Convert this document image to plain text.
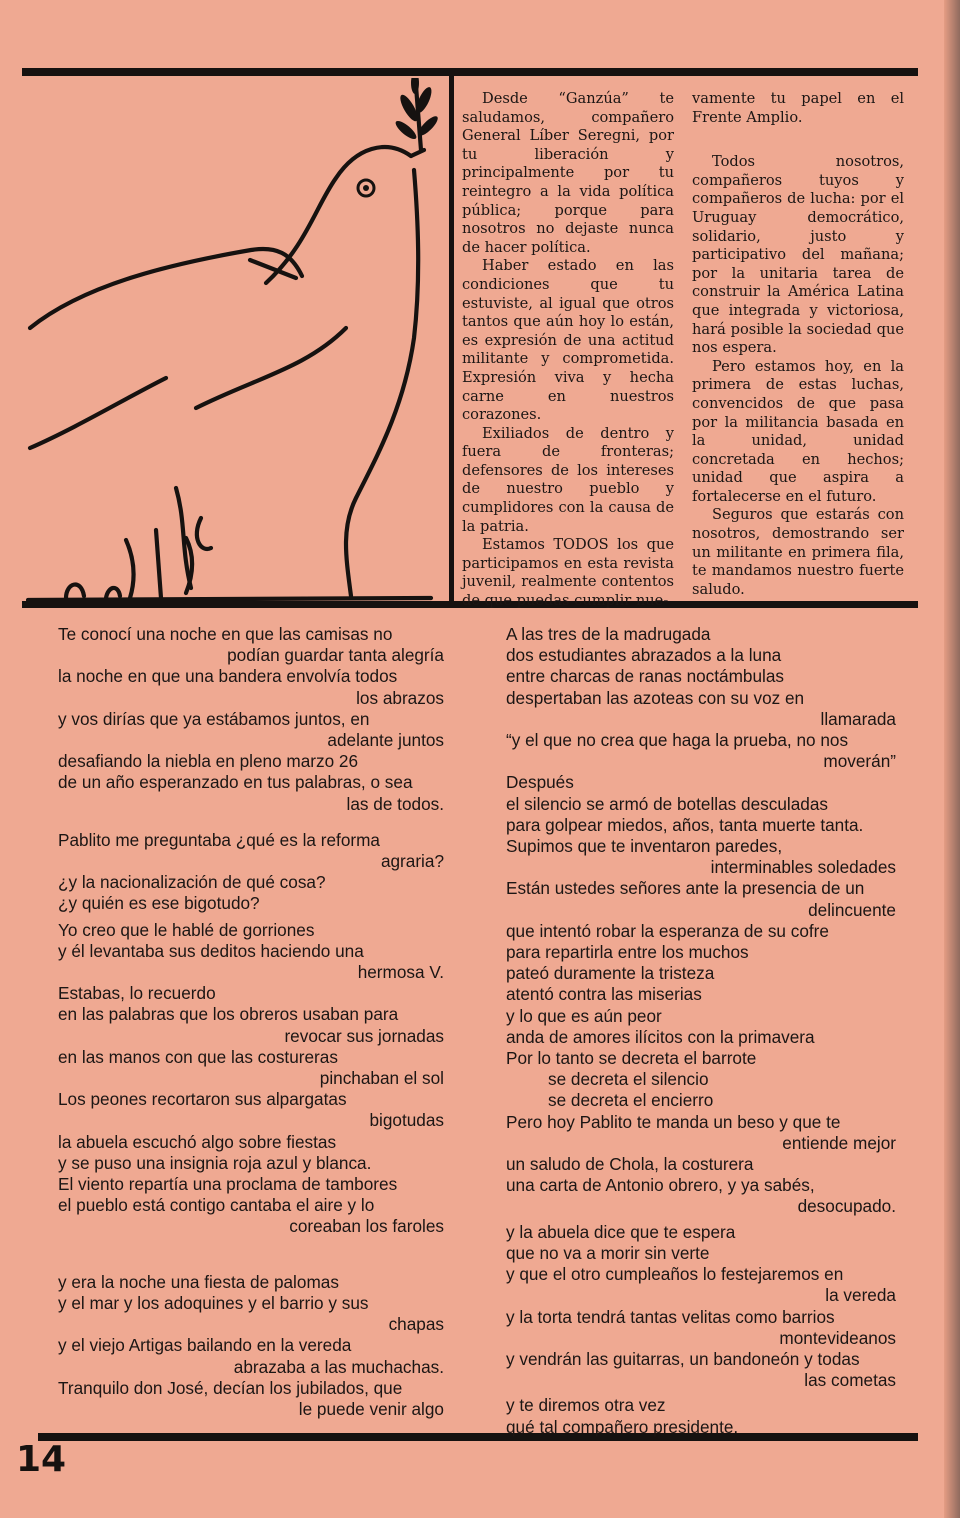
Desde “Ganzúa” te saludamos, compañero General Líber Seregni, por tu liberación y principalmente por tu reintegro a la vida política pública; porque para nosotros no dejaste nunca de hacer política.

Haber estado en las condiciones que tu estuviste, al igual que otros tantos que aún hoy lo están, es expresión de una actitud militante y comprometida. Expresión viva y hecha carne en nuestros corazones.

Exiliados de dentro y fuera de fronteras; defensores de los intereses de nuestro pueblo y cumplidores con la causa de la patria.

Estamos TODOS los que participamos en esta revista juvenil, realmente contentos de que puedas cumplir nue-

vamente tu papel en el Frente Amplio.

Todos nosotros, compañeros tuyos y compañeros de lucha: por el Uruguay democrático, solidario, justo y participativo del mañana; por la unitaria tarea de construir la América Latina que integrada y victoriosa, hará posible la sociedad que nos espera.

Pero estamos hoy, en la primera de estas luchas, convencidos de que pasa por la militancia basada en la unidad, unidad concretada en hechos; unidad que aspira a fortalecerse en el futuro.

Seguros que estarás con nosotros, demostrando ser un militante en primera fila, te mandamos nuestro fuerte saludo.

Te conocí una noche en que las camisas no
podían guardar tanta alegría
la noche en que una bandera envolvía todos
los abrazos
y vos dirías que ya estábamos juntos, en
adelante juntos
desafiando la niebla en pleno marzo 26
de un año esperanzado en tus palabras, o sea
las de todos.
Pablito me preguntaba ¿qué es la reforma
agraria?
¿y la nacionalización de qué cosa?
¿y quién es ese bigotudo?
Yo creo que le hablé de gorriones
y él levantaba sus deditos haciendo una
hermosa V.
Estabas, lo recuerdo
en las palabras que los obreros usaban para
revocar sus jornadas
en las manos con que las costureras
pinchaban el sol
Los peones recortaron sus alpargatas
bigotudas
la abuela escuchó algo sobre fiestas
y se puso una insignia roja azul y blanca.
El viento repartía una proclama de tambores
el pueblo está contigo cantaba el aire y lo
coreaban los faroles
y era la noche una fiesta de palomas
y el mar y los adoquines y el barrio y sus
chapas
y el viejo Artigas bailando en la vereda
abrazaba a las muchachas.
Tranquilo don José, decían los jubilados, que
le puede venir algo
A las tres de la madrugada
dos estudiantes abrazados a la luna
entre charcas de ranas noctámbulas
despertaban las azoteas con su voz en
llamarada
“y el que no crea que haga la prueba, no nos
moverán”
Después
el silencio se armó de botellas desculadas
para golpear miedos, años, tanta muerte tanta.
Supimos que te inventaron paredes,
interminables soledades
Están ustedes señores ante la presencia de un
delincuente
que intentó robar la esperanza de su cofre
para repartirla entre los muchos
pateó duramente la tristeza
atentó contra las miserias
y lo que es aún peor
anda de amores ilícitos con la primavera
Por lo tanto se decreta el barrote
se decreta el silencio
se decreta el encierro
Pero hoy Pablito te manda un beso y que te
entiende mejor
un saludo de Chola, la costurera
una carta de Antonio obrero, y ya sabés,
desocupado.
y la abuela dice que te espera
que no va a morir sin verte
y que el otro cumpleaños lo festejaremos en
la vereda
y la torta tendrá tantas velitas como barrios
montevideanos
y vendrán las guitarras, un bandoneón y todas
las cometas
y te diremos otra vez
qué tal compañero presidente.
14
